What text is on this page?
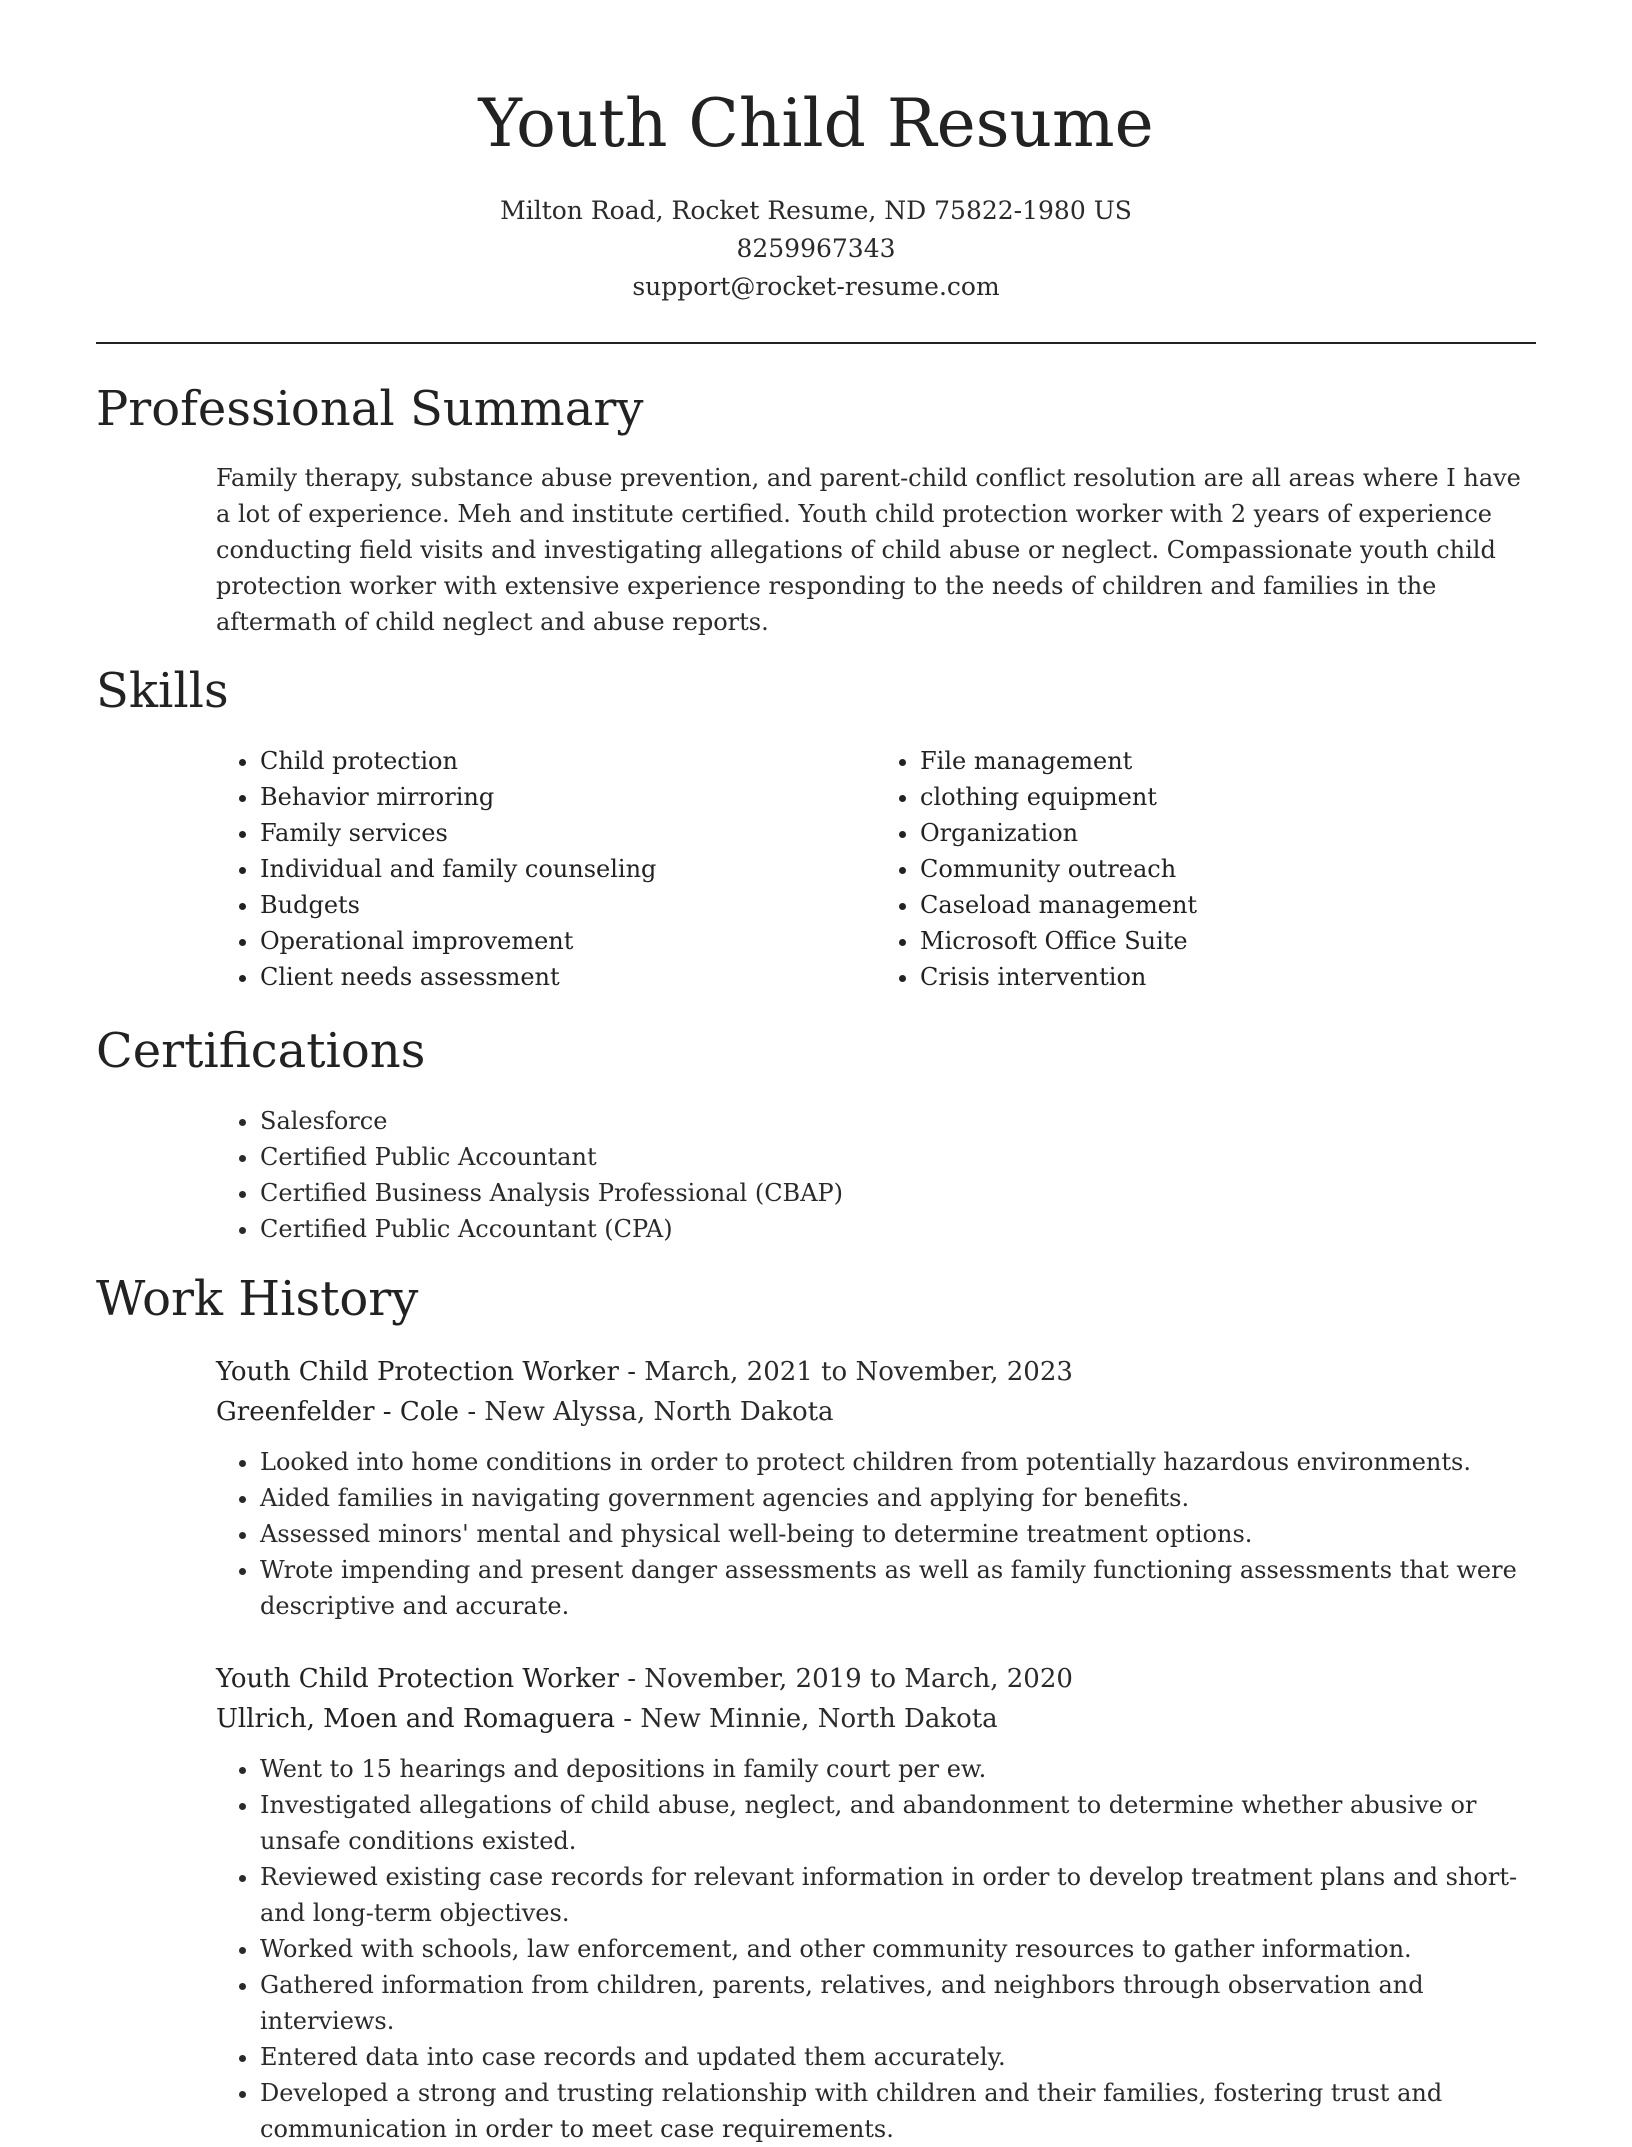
Youth Child Resume
Milton Road, Rocket Resume, ND 75822-1980 US
8259967343
support@rocket-resume.com
Professional Summary
Family therapy, substance abuse prevention, and parent-child conflict resolution are all areas where I have a lot of experience. Meh and institute certified. Youth child protection worker with 2 years of experience conducting field visits and investigating allegations of child abuse or neglect. Compassionate youth child protection worker with extensive experience responding to the needs of children and families in the aftermath of child neglect and abuse reports.
Skills
• Child protection
• Behavior mirroring
• Family services
• Individual and family counseling
• Budgets
• Operational improvement
• Client needs assessment
• File management
• clothing equipment
• Organization
• Community outreach
• Caseload management
• Microsoft Office Suite
• Crisis intervention
Certifications
• Salesforce
• Certified Public Accountant
• Certified Business Analysis Professional (CBAP)
• Certified Public Accountant (CPA)
Work History
Youth Child Protection Worker - March, 2021 to November, 2023
Greenfelder - Cole - New Alyssa, North Dakota
• Looked into home conditions in order to protect children from potentially hazardous environments.
• Aided families in navigating government agencies and applying for benefits.
• Assessed minors' mental and physical well-being to determine treatment options.
• Wrote impending and present danger assessments as well as family functioning assessments that were descriptive and accurate.
Youth Child Protection Worker - November, 2019 to March, 2020
Ullrich, Moen and Romaguera - New Minnie, North Dakota
• Went to 15 hearings and depositions in family court per ew.
• Investigated allegations of child abuse, neglect, and abandonment to determine whether abusive or unsafe conditions existed.
• Reviewed existing case records for relevant information in order to develop treatment plans and short- and long-term objectives.
• Worked with schools, law enforcement, and other community resources to gather information.
• Gathered information from children, parents, relatives, and neighbors through observation and interviews.
• Entered data into case records and updated them accurately.
• Developed a strong and trusting relationship with children and their families, fostering trust and communication in order to meet case requirements.
